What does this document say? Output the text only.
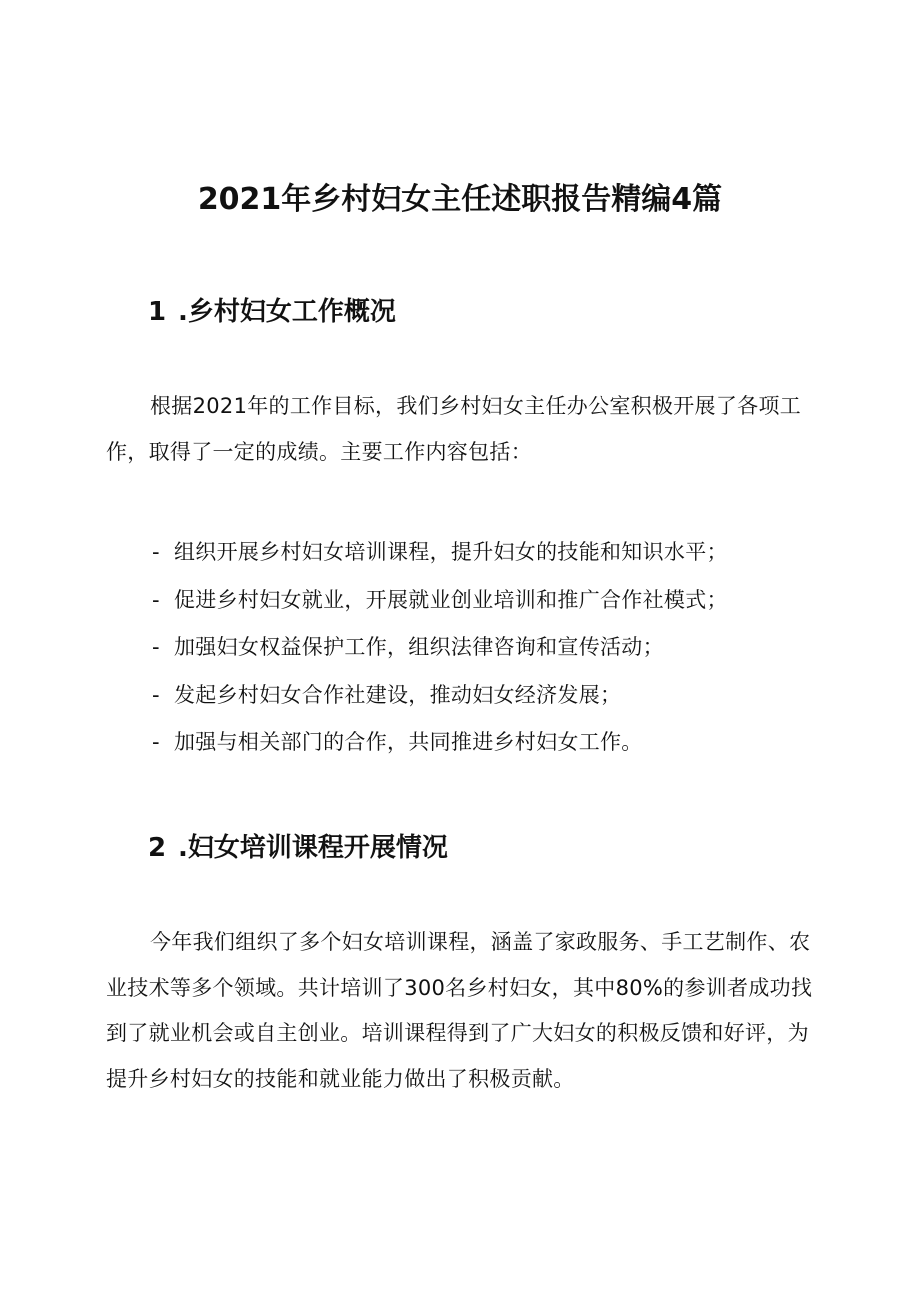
2021年乡村妇女主任述职报告精编4篇
1 .乡村妇女工作概况

根据2021年的工作目标，我们乡村妇女主任办公室积极开展了各项工作，取得了一定的成绩。主要工作内容包括：

- 组织开展乡村妇女培训课程，提升妇女的技能和知识水平；
- 促进乡村妇女就业，开展就业创业培训和推广合作社模式；
- 加强妇女权益保护工作，组织法律咨询和宣传活动；
- 发起乡村妇女合作社建设，推动妇女经济发展；
- 加强与相关部门的合作，共同推进乡村妇女工作。
2 .妇女培训课程开展情况

今年我们组织了多个妇女培训课程，涵盖了家政服务、手工艺制作、农业技术等多个领域。共计培训了300名乡村妇女，其中80%的参训者成功找到了就业机会或自主创业。培训课程得到了广大妇女的积极反馈和好评，为提升乡村妇女的技能和就业能力做出了积极贡献。
